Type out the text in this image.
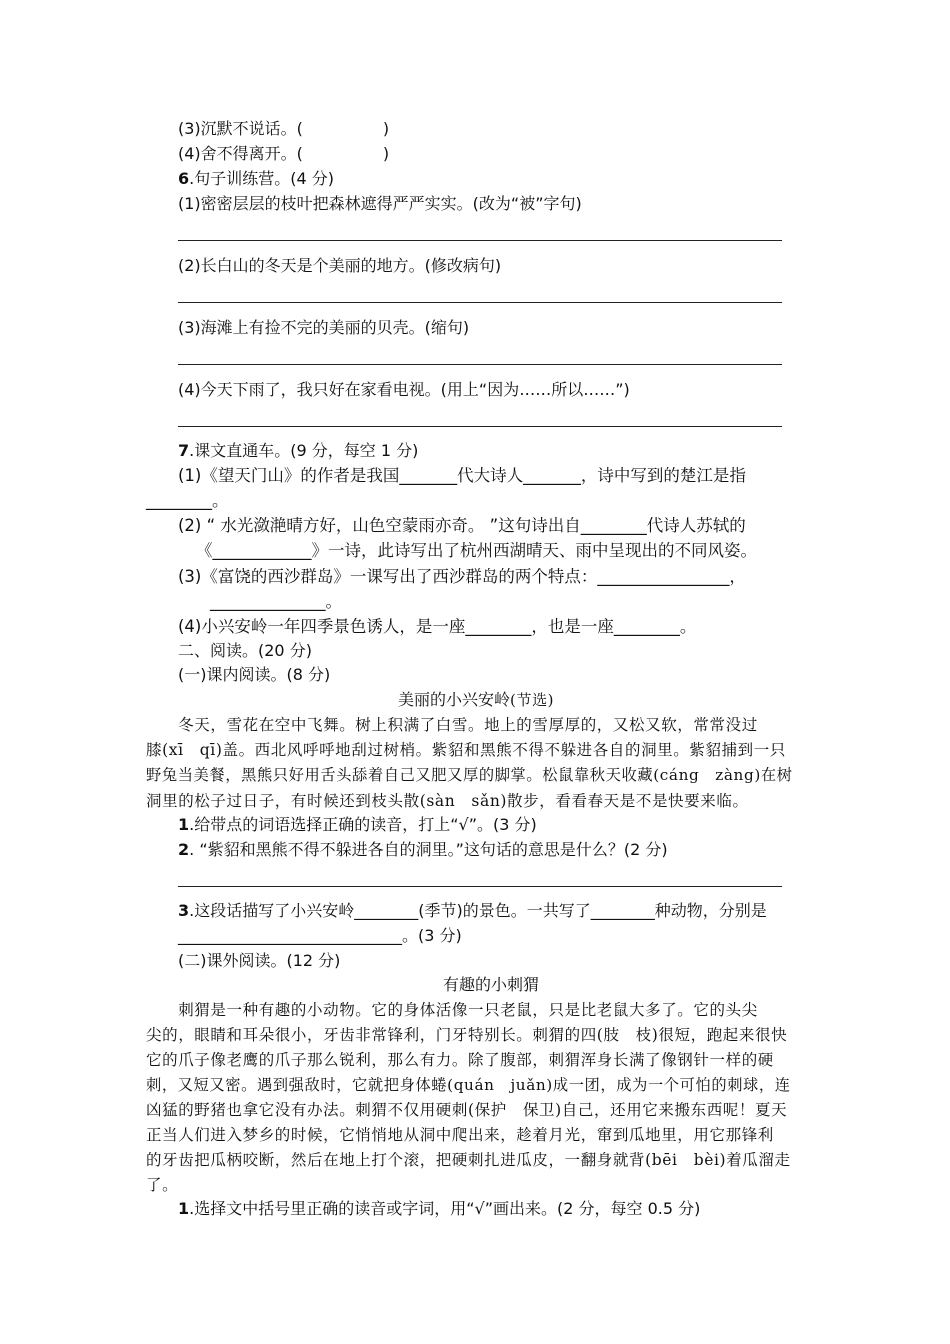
(3)沉默不说话。(　　　　　)
(4)舍不得离开。(　　　　　)
6.句子训练营。(4 分)
(1)密密层层的枝叶把森林遮得严严实实。(改为“被”字句)
(2)长白山的冬天是个美丽的地方。(修改病句)
(3)海滩上有捡不完的美丽的贝壳。(缩句)
(4)今天下雨了，我只好在家看电视。(用上“因为……所以……”)
7.课文直通车。(9 分，每空 1 分)
(1)《望天门山》的作者是我国_______代大诗人_______，诗中写到的楚江是指
________。
(2) “ 水光潋滟晴方好，山色空蒙雨亦奇。 ”这句诗出自________代诗人苏轼的
《____________》一诗，此诗写出了杭州西湖晴天、雨中呈现出的不同风姿。
(3)《富饶的西沙群岛》一课写出了西沙群岛的两个特点：________________，
______________。
(4)小兴安岭一年四季景色诱人，是一座________，也是一座________。
二、阅读。(20 分)
(一)课内阅读。(8 分)
美丽的小兴安岭(节选)
　　冬天，雪花在空中飞舞。树上积满了白雪。地上的雪厚厚的，又松又软，常常没过
膝(xī　qī)盖。西北风呼呼地刮过树梢。紫貂和黑熊不得不躲进各自的洞里。紫貂捕到一只
野兔当美餐，黑熊只好用舌头舔着自己又肥又厚的脚掌。松鼠靠秋天收藏(cáng　zàng)在树
洞里的松子过日子，有时候还到枝头散(sàn　sǎn)散步，看看春天是不是快要来临。
1.给带点的词语选择正确的读音，打上“√”。(3 分)
2. “紫貂和黑熊不得不躲进各自的洞里。”这句话的意思是什么？(2 分)
3.这段话描写了小兴安岭________(季节)的景色。一共写了________种动物，分别是
____________________________。(3 分)
(二)课外阅读。(12 分)
有趣的小刺猬
　　刺猬是一种有趣的小动物。它的身体活像一只老鼠，只是比老鼠大多了。它的头尖
尖的，眼睛和耳朵很小，牙齿非常锋利，门牙特别长。刺猬的四(肢　枝)很短，跑起来很快
它的爪子像老鹰的爪子那么锐利，那么有力。除了腹部，刺猬浑身长满了像钢针一样的硬
刺，又短又密。遇到强敌时，它就把身体蜷(quán　juǎn)成一团，成为一个可怕的刺球，连
凶猛的野猪也拿它没有办法。刺猬不仅用硬刺(保护　保卫)自己，还用它来搬东西呢！夏天
正当人们进入梦乡的时候，它悄悄地从洞中爬出来，趁着月光，窜到瓜地里，用它那锋利
的牙齿把瓜柄咬断，然后在地上打个滚，把硬刺扎进瓜皮，一翻身就背(bēi　bèi)着瓜溜走
了。
1.选择文中括号里正确的读音或字词，用“√”画出来。(2 分，每空 0.5 分)
